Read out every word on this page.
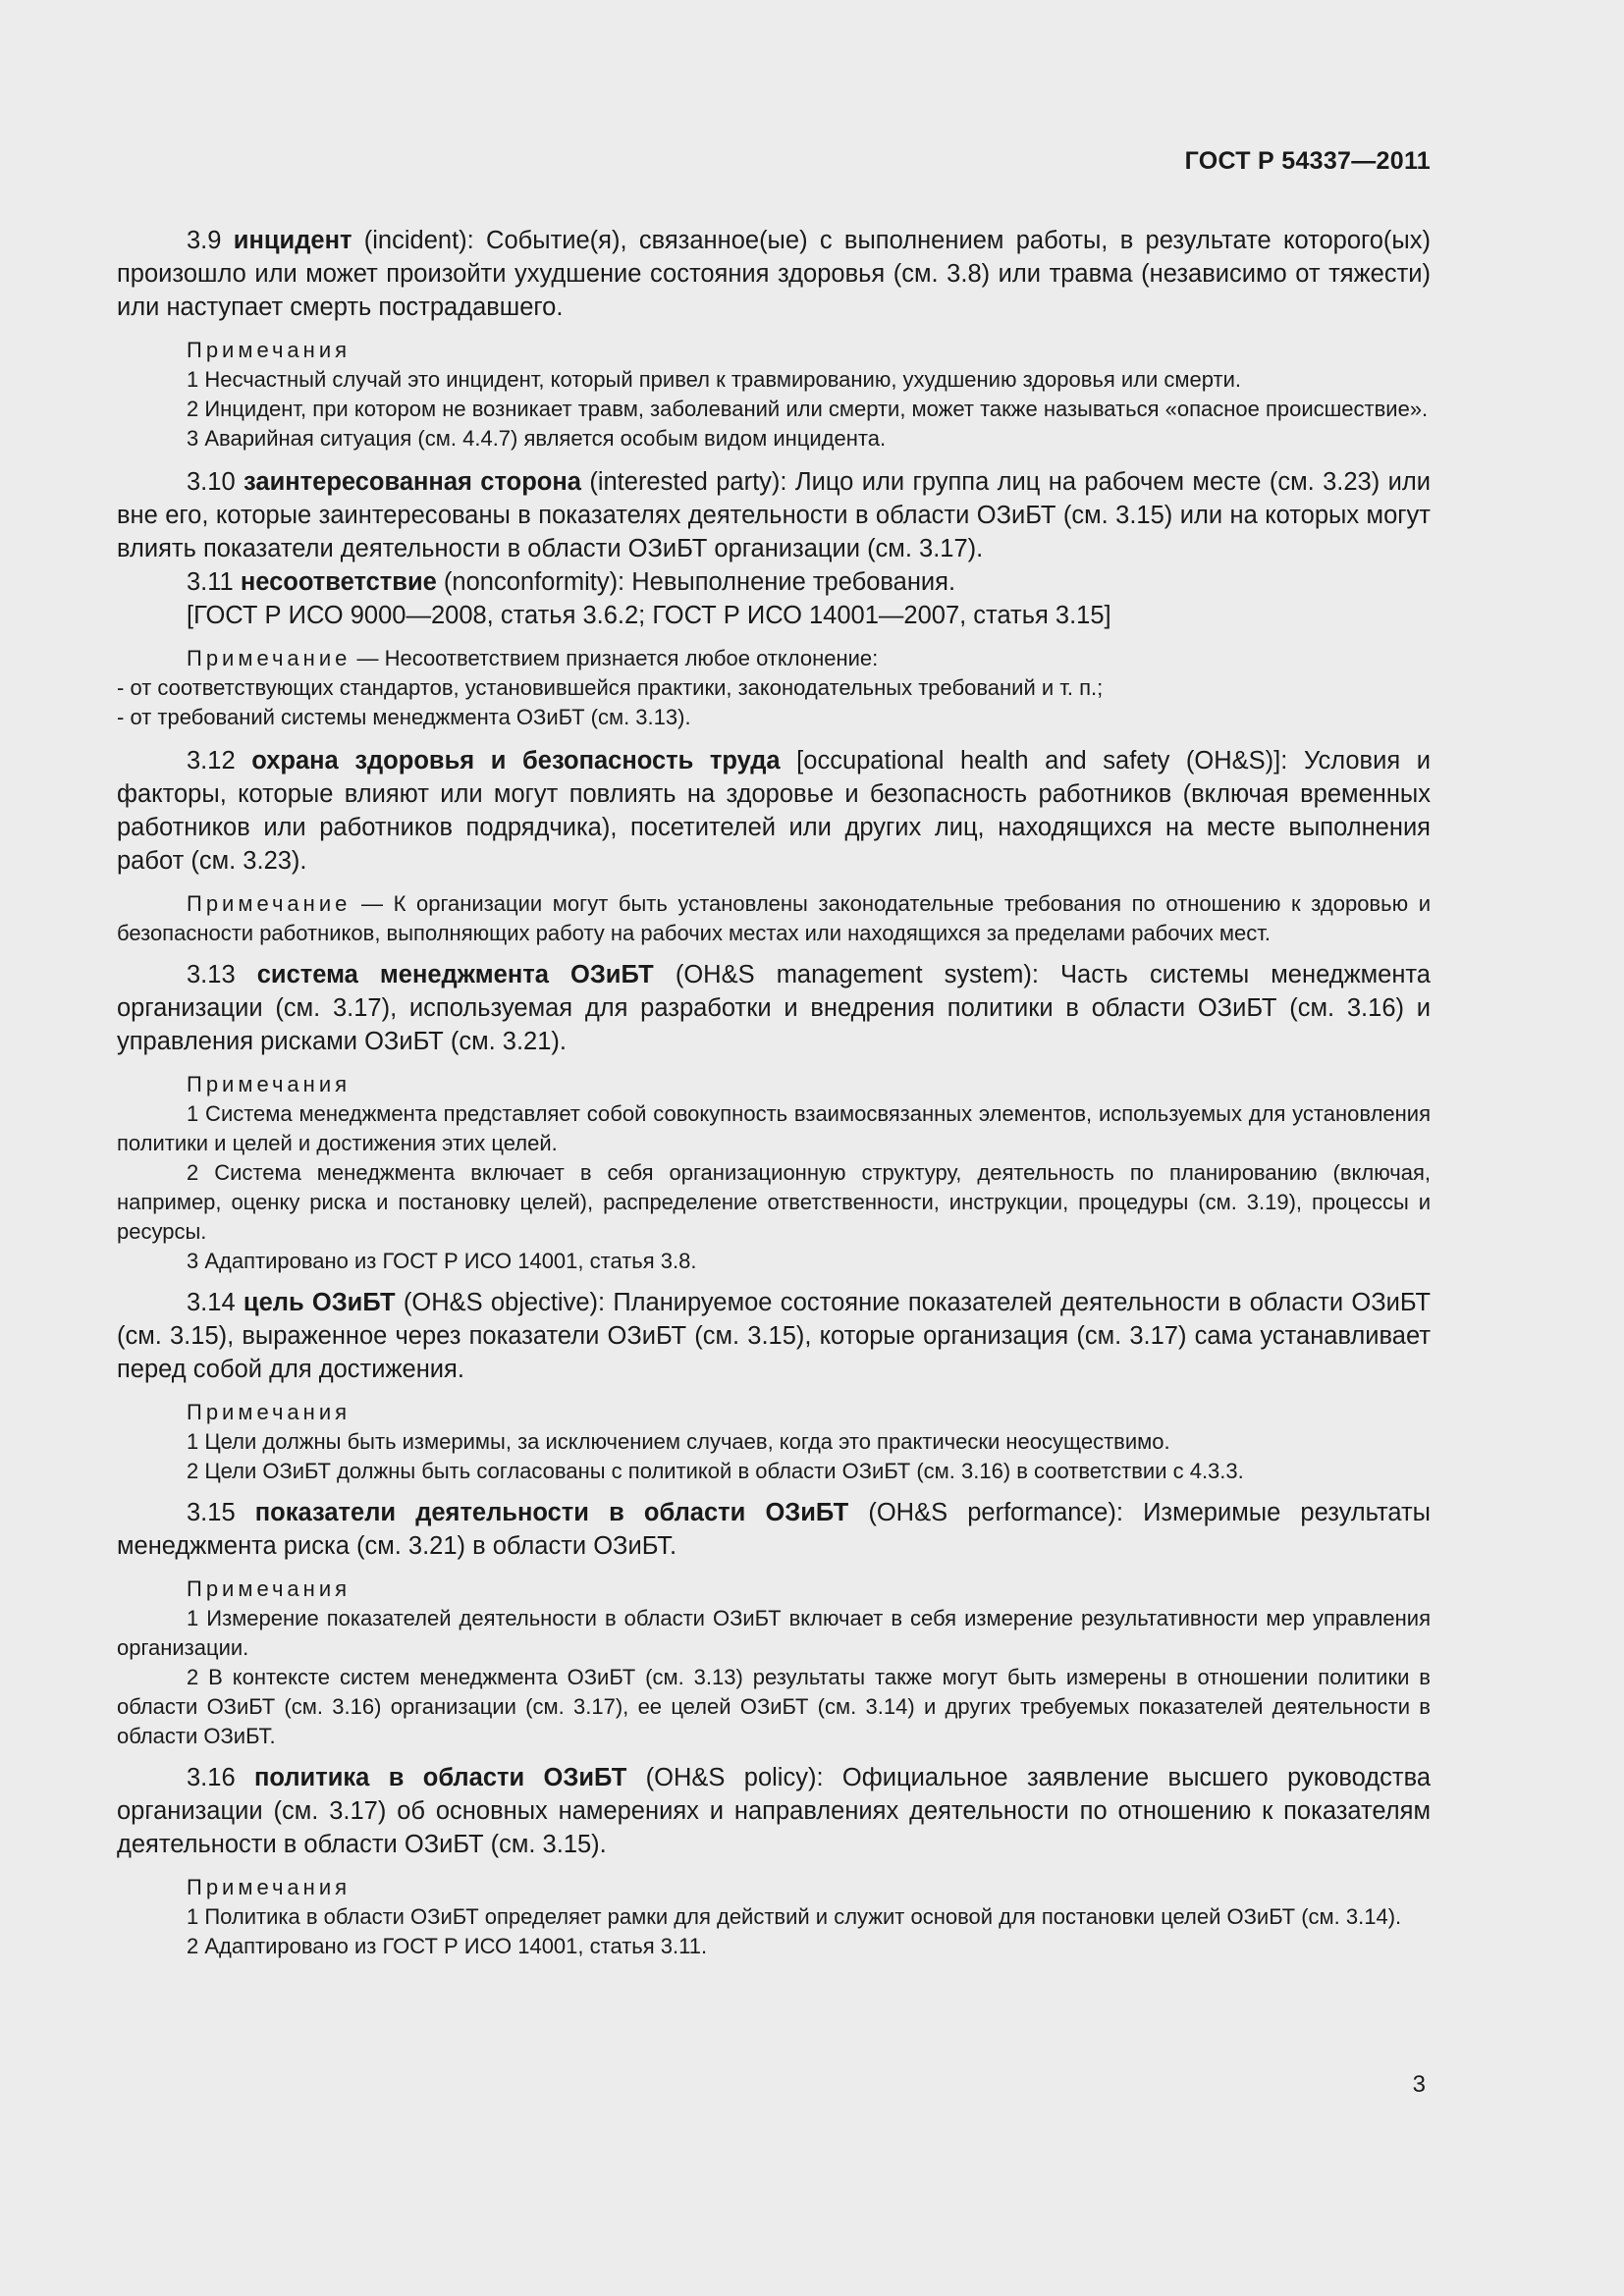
ГОСТ Р 54337—2011

3.9 инцидент (incident): Событие(я), связанное(ые) с выполнением работы, в результате которого(ых) произошло или может произойти ухудшение состояния здоровья (см. 3.8) или травма (независимо от тяжести) или наступает смерть пострадавшего.

Примечания

1 Несчастный случай это инцидент, который привел к травмированию, ухудшению здоровья или смерти.

2 Инцидент, при котором не возникает травм, заболеваний или смерти, может также называться «опасное происшествие».

3 Аварийная ситуация (см. 4.4.7) является особым видом инцидента.

3.10 заинтересованная сторона (interested party): Лицо или группа лиц на рабочем месте (см. 3.23) или вне его, которые заинтересованы в показателях деятельности в области ОЗиБТ (см. 3.15) или на которых могут влиять показатели деятельности в области ОЗиБТ организации (см. 3.17).

3.11 несоответствие (nonconformity): Невыполнение требования.

[ГОСТ Р ИСО 9000—2008, статья 3.6.2; ГОСТ Р ИСО 14001—2007, статья 3.15]

Примечание — Несоответствием признается любое отклонение:

- от соответствующих стандартов, установившейся практики, законодательных требований и т. п.;

- от требований системы менеджмента ОЗиБТ (см. 3.13).

3.12 охрана здоровья и безопасность труда [occupational health and safety (OH&S)]: Условия и факторы, которые влияют или могут повлиять на здоровье и безопасность работников (включая временных работников или работников подрядчика), посетителей или других лиц, находящихся на месте выполнения работ (см. 3.23).

Примечание — К организации могут быть установлены законодательные требования по отношению к здоровью и безопасности работников, выполняющих работу на рабочих местах или находящихся за пределами рабочих мест.

3.13 система менеджмента ОЗиБТ (OH&S management system): Часть системы менеджмента организации (см. 3.17), используемая для разработки и внедрения политики в области ОЗиБТ (см. 3.16) и управления рисками ОЗиБТ (см. 3.21).

Примечания

1 Система менеджмента представляет собой совокупность взаимосвязанных элементов, используемых для установления политики и целей и достижения этих целей.

2 Система менеджмента включает в себя организационную структуру, деятельность по планированию (включая, например, оценку риска и постановку целей), распределение ответственности, инструкции, процедуры (см. 3.19), процессы и ресурсы.

3 Адаптировано из ГОСТ Р ИСО 14001, статья 3.8.

3.14 цель ОЗиБТ (OH&S objective): Планируемое состояние показателей деятельности в области ОЗиБТ (см. 3.15), выраженное через показатели ОЗиБТ (см. 3.15), которые организация (см. 3.17) сама устанавливает перед собой для достижения.

Примечания

1 Цели должны быть измеримы, за исключением случаев, когда это практически неосуществимо.

2 Цели ОЗиБТ должны быть согласованы с политикой в области ОЗиБТ (см. 3.16) в соответствии с 4.3.3.

3.15 показатели деятельности в области ОЗиБТ (OH&S performance): Измеримые результаты менеджмента риска (см. 3.21) в области ОЗиБТ.

Примечания

1 Измерение показателей деятельности в области ОЗиБТ включает в себя измерение результативности мер управления организации.

2 В контексте систем менеджмента ОЗиБТ (см. 3.13) результаты также могут быть измерены в отношении политики в области ОЗиБТ (см. 3.16) организации (см. 3.17), ее целей ОЗиБТ (см. 3.14) и других требуемых показателей деятельности в области ОЗиБТ.

3.16 политика в области ОЗиБТ (OH&S policy): Официальное заявление высшего руководства организации (см. 3.17) об основных намерениях и направлениях деятельности по отношению к показателям деятельности в области ОЗиБТ (см. 3.15).

Примечания

1 Политика в области ОЗиБТ определяет рамки для действий и служит основой для постановки целей ОЗиБТ (см. 3.14).

2 Адаптировано из ГОСТ Р ИСО 14001, статья 3.11.

3
